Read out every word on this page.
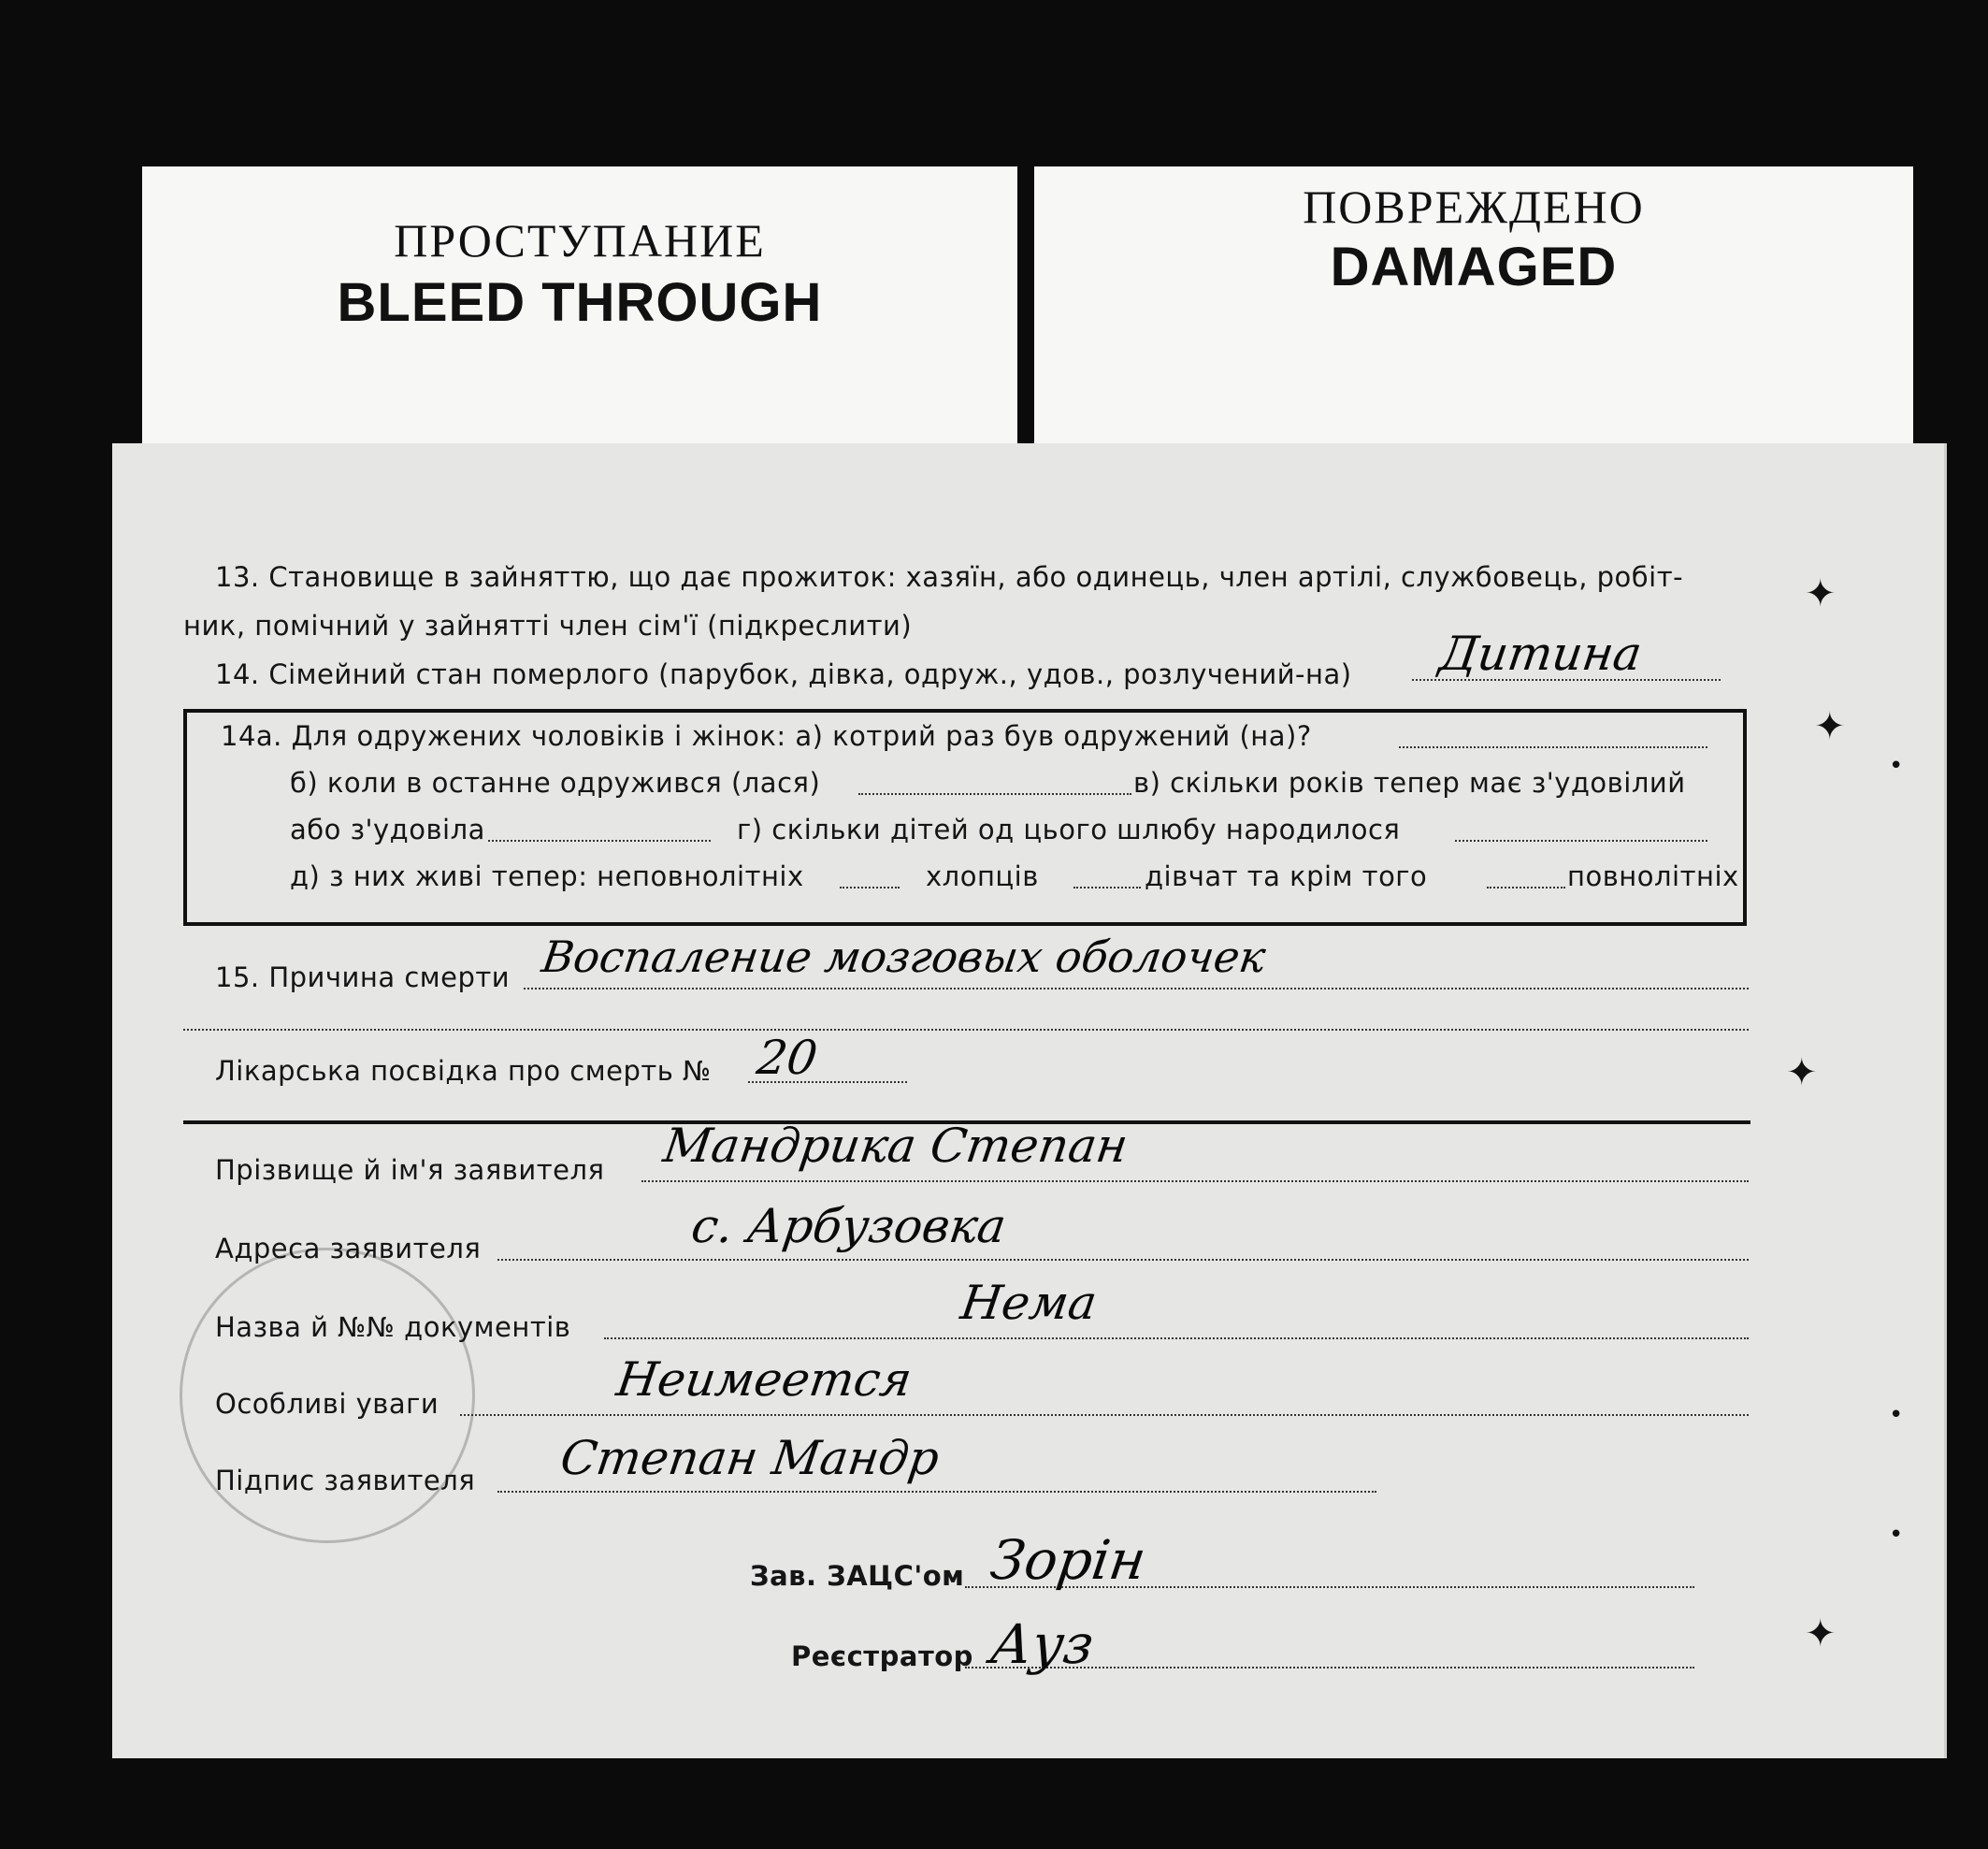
ПРОСТУПАНИЕ
BLEED THROUGH
ПОВРЕЖДЕНО
DAMAGED
13. Становище в зайняттю, що дає прожиток: хазяїн, або одинець, член артілі, службовець, робіт-
ник, помічний у зайнятті член сім'ї (підкреслити)
14. Сімейний стан померлого (парубок, дівка, одруж., удов., розлучений-на) Дитина
14а. Для одружених чоловіків і жінок: а) котрий раз був одружений (на)?
б) коли в останне одружився (лася)	в) скільки років тепер має з'удовілий
або з'удовіла	г) скільки дітей од цього шлюбу народилося
д) з них живі тепер: неповнолітніх	хлопців	дівчат та крім того	повнолітніх
15. Причина смерти Воспаление мозговых оболочек
Лікарська посвідка про смерть № 20
Прізвище й ім'я заявителя Мандрика Степан
Адреса заявителя	с. Арбузовка
Назва й №№ документів	Нема
Особливі уваги	Неимеется
Підпис заявителя Степан Мандр
Зав. ЗАЦС'ом Зорін
Реєстратор Ауз
✦
✦
✦
✦
•
•
•
